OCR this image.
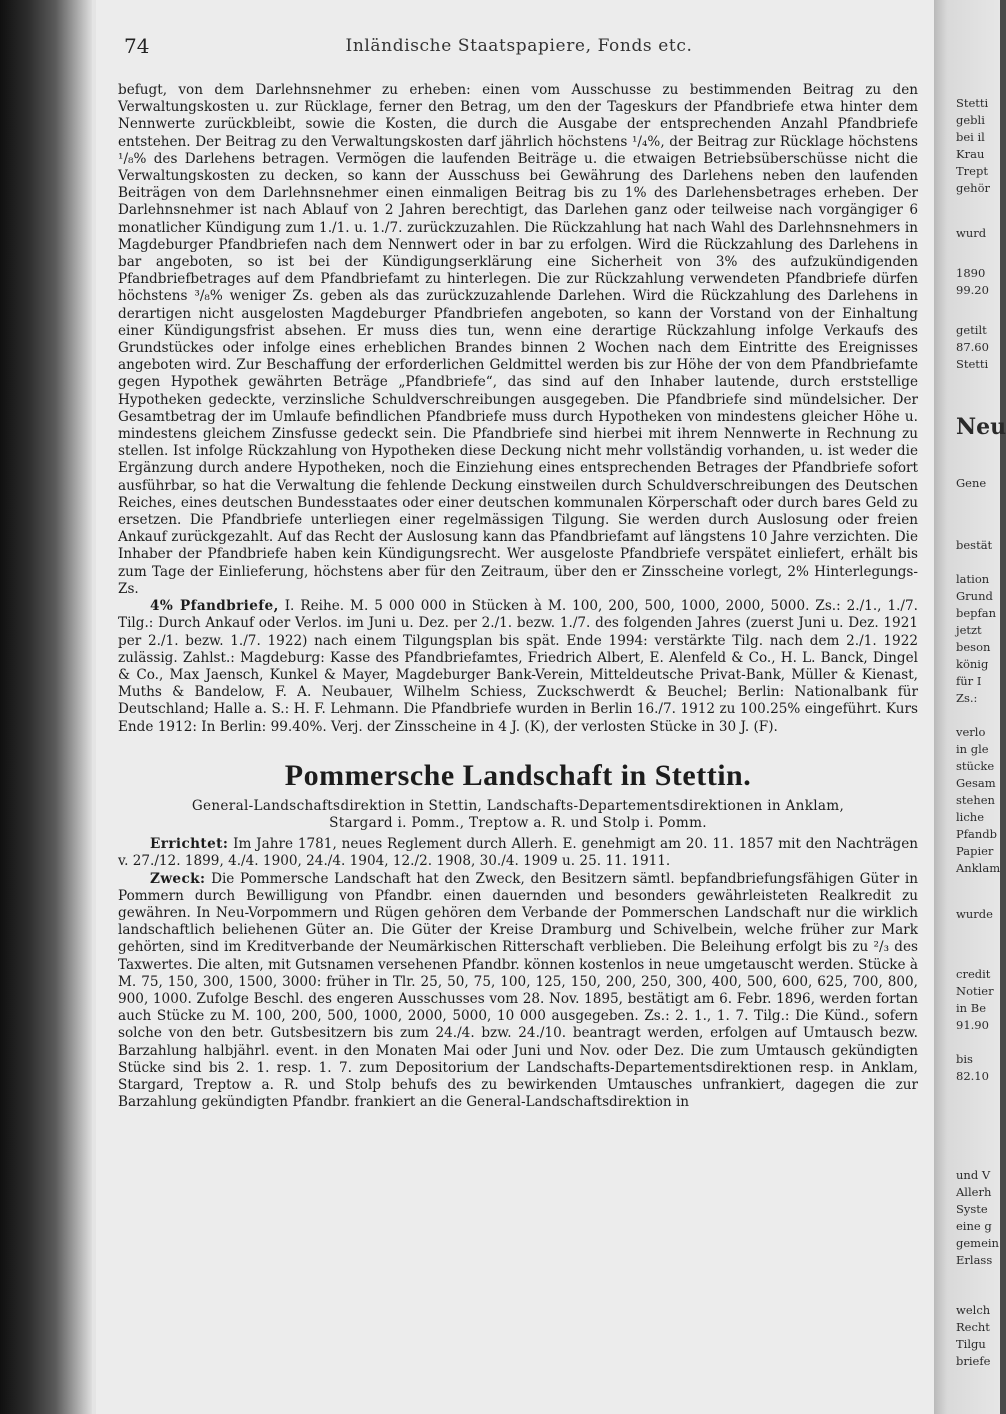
74	Inländische Staatspapiere, Fonds etc.

befugt, von dem Darlehnsnehmer zu erheben: einen vom Ausschusse zu bestimmenden Beitrag zu den Verwaltungskosten u. zur Rücklage, ferner den Betrag, um den der Tageskurs der Pfandbriefe etwa hinter dem Nennwerte zurückbleibt, sowie die Kosten, die durch die Ausgabe der entsprechenden Anzahl Pfandbriefe entstehen. Der Beitrag zu den Verwaltungskosten darf jährlich höchstens ¹/₄%, der Beitrag zur Rücklage höchstens ¹/₈% des Darlehens betragen. Vermögen die laufenden Beiträge u. die etwaigen Betriebsüberschüsse nicht die Verwaltungskosten zu decken, so kann der Ausschuss bei Gewährung des Darlehens neben den laufenden Beiträgen von dem Darlehnsnehmer einen einmaligen Beitrag bis zu 1% des Darlehensbetrages erheben. Der Darlehnsnehmer ist nach Ablauf von 2 Jahren berechtigt, das Darlehen ganz oder teilweise nach vorgängiger 6 monatlicher Kündigung zum 1./1. u. 1./7. zurückzuzahlen. Die Rückzahlung hat nach Wahl des Darlehnsnehmers in Magdeburger Pfandbriefen nach dem Nennwert oder in bar zu erfolgen. Wird die Rückzahlung des Darlehens in bar angeboten, so ist bei der Kündigungserklärung eine Sicherheit von 3% des aufzukündigenden Pfandbriefbetrages auf dem Pfandbriefamt zu hinterlegen. Die zur Rückzahlung verwendeten Pfandbriefe dürfen höchstens ³/₈% weniger Zs. geben als das zurückzuzahlende Darlehen. Wird die Rückzahlung des Darlehens in derartigen nicht ausgelosten Magdeburger Pfandbriefen angeboten, so kann der Vorstand von der Einhaltung einer Kündigungsfrist absehen. Er muss dies tun, wenn eine derartige Rückzahlung infolge Verkaufs des Grundstückes oder infolge eines erheblichen Brandes binnen 2 Wochen nach dem Eintritte des Ereignisses angeboten wird. Zur Beschaffung der erforderlichen Geldmittel werden bis zur Höhe der von dem Pfandbriefamte gegen Hypothek gewährten Beträge „Pfandbriefe“, das sind auf den Inhaber lautende, durch erststellige Hypotheken gedeckte, verzinsliche Schuldverschreibungen ausgegeben. Die Pfandbriefe sind mündelsicher. Der Gesamtbetrag der im Umlaufe befindlichen Pfandbriefe muss durch Hypotheken von mindestens gleicher Höhe u. mindestens gleichem Zinsfusse gedeckt sein. Die Pfandbriefe sind hierbei mit ihrem Nennwerte in Rechnung zu stellen. Ist infolge Rückzahlung von Hypotheken diese Deckung nicht mehr vollständig vorhanden, u. ist weder die Ergänzung durch andere Hypotheken, noch die Einziehung eines entsprechenden Betrages der Pfandbriefe sofort ausführbar, so hat die Verwaltung die fehlende Deckung einstweilen durch Schuldverschreibungen des Deutschen Reiches, eines deutschen Bundesstaates oder einer deutschen kommunalen Körperschaft oder durch bares Geld zu ersetzen. Die Pfandbriefe unterliegen einer regelmässigen Tilgung. Sie werden durch Auslosung oder freien Ankauf zurückgezahlt. Auf das Recht der Auslosung kann das Pfandbriefamt auf längstens 10 Jahre verzichten. Die Inhaber der Pfandbriefe haben kein Kündigungsrecht. Wer ausgeloste Pfandbriefe verspätet einliefert, erhält bis zum Tage der Einlieferung, höchstens aber für den Zeitraum, über den er Zinsscheine vorlegt, 2% Hinterlegungs-Zs.

4% Pfandbriefe, I. Reihe. M. 5 000 000 in Stücken à M. 100, 200, 500, 1000, 2000, 5000. Zs.: 2./1., 1./7. Tilg.: Durch Ankauf oder Verlos. im Juni u. Dez. per 2./1. bezw. 1./7. des folgenden Jahres (zuerst Juni u. Dez. 1921 per 2./1. bezw. 1./7. 1922) nach einem Tilgungsplan bis spät. Ende 1994: verstärkte Tilg. nach dem 2./1. 1922 zulässig. Zahlst.: Magdeburg: Kasse des Pfandbriefamtes, Friedrich Albert, E. Alenfeld & Co., H. L. Banck, Dingel & Co., Max Jaensch, Kunkel & Mayer, Magdeburger Bank-Verein, Mitteldeutsche Privat-Bank, Müller & Kienast, Muths & Bandelow, F. A. Neubauer, Wilhelm Schiess, Zuckschwerdt & Beuchel; Berlin: Nationalbank für Deutschland; Halle a. S.: H. F. Lehmann. Die Pfandbriefe wurden in Berlin 16./7. 1912 zu 100.25% eingeführt. Kurs Ende 1912: In Berlin: 99.40%. Verj. der Zinsscheine in 4 J. (K), der verlosten Stücke in 30 J. (F).

Pommersche Landschaft in Stettin.
General-Landschaftsdirektion in Stettin, Landschafts-Departementsdirektionen in Anklam,
Stargard i. Pomm., Treptow a. R. und Stolp i. Pomm.

Errichtet: Im Jahre 1781, neues Reglement durch Allerh. E. genehmigt am 20. 11. 1857 mit den Nachträgen v. 27./12. 1899, 4./4. 1900, 24./4. 1904, 12./2. 1908, 30./4. 1909 u. 25. 11. 1911.

Zweck: Die Pommersche Landschaft hat den Zweck, den Besitzern sämtl. bepfandbriefungsfähigen Güter in Pommern durch Bewilligung von Pfandbr. einen dauernden und besonders gewährleisteten Realkredit zu gewähren. In Neu-Vorpommern und Rügen gehören dem Verbande der Pommerschen Landschaft nur die wirklich landschaftlich beliehenen Güter an. Die Güter der Kreise Dramburg und Schivelbein, welche früher zur Mark gehörten, sind im Kreditverbande der Neumärkischen Ritterschaft verblieben. Die Beleihung erfolgt bis zu ²/₃ des Taxwertes. Die alten, mit Gutsnamen versehenen Pfandbr. können kostenlos in neue umgetauscht werden. Stücke à M. 75, 150, 300, 1500, 3000: früher in Tlr. 25, 50, 75, 100, 125, 150, 200, 250, 300, 400, 500, 600, 625, 700, 800, 900, 1000. Zufolge Beschl. des engeren Ausschusses vom 28. Nov. 1895, bestätigt am 6. Febr. 1896, werden fortan auch Stücke zu M. 100, 200, 500, 1000, 2000, 5000, 10 000 ausgegeben. Zs.: 2. 1., 1. 7. Tilg.: Die Künd., sofern solche von den betr. Gutsbesitzern bis zum 24./4. bzw. 24./10. beantragt werden, erfolgen auf Umtausch bezw. Barzahlung halbjährl. event. in den Monaten Mai oder Juni und Nov. oder Dez. Die zum Umtausch gekündigten Stücke sind bis 2. 1. resp. 1. 7. zum Depositorium der Landschafts-Departementsdirektionen resp. in Anklam, Stargard, Treptow a. R. und Stolp behufs des zu bewirkenden Umtausches unfrankiert, dagegen die zur Barzahlung gekündigten Pfandbr. frankiert an die General-Landschaftsdirektion in

Stetti
gebli
bei il
Krau
Trept
gehör
wurd
1890
99.20
getilt
87.60
Stetti
Neu
Gene
bestät
lation
Grund
bepfan
jetzt
beson
könig
für I
Zs.:
verlo
in gle
stücke
Gesam
stehen
liche
Pfandb
Papier
Anklam
wurde
credit
Notier
in Be
91.90
bis
82.10
und V
Allerh
Syste
eine g
gemein
Erlass
welch
Recht
Tilgu
briefe
